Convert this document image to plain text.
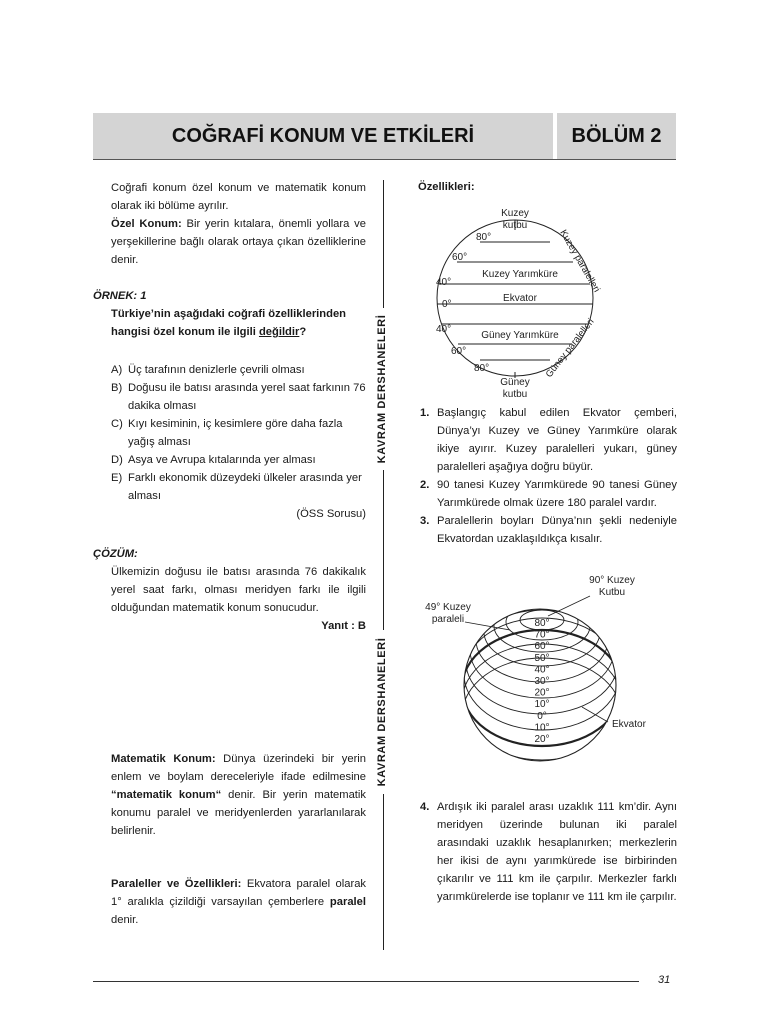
COĞRAFİ KONUM VE ETKİLERİ	BÖLÜM 2

Coğrafi konum özel konum ve matematik konum olarak iki bölüme ayrılır.

Özel Konum: Bir yerin kıtalara, önemli yollara ve yerşekillerine bağlı olarak ortaya çıkan özelliklerine denir.

ÖRNEK: 1

Türkiye’nin aşağıdaki coğrafi özelliklerinden hangisi özel konum ile ilgili değildir?

A) Üç tarafının denizlerle çevrili olması
B) Doğusu ile batısı arasında yerel saat farkının 76 dakika olması
C) Kıyı kesiminin, iç kesimlere göre daha fazla yağış alması
D) Asya ve Avrupa kıtalarında yer alması
E) Farklı ekonomik düzeydeki ülkeler arasında yer alması

(ÖSS Sorusu)

ÇÖZÜM:

Ülkemizin doğusu ile batısı arasında 76 dakikalık yerel saat farkı, olması meridyen farkı ile ilgili olduğundan matematik konum sonucudur.

Yanıt : B

Matematik Konum: Dünya üzerindeki bir yerin enlem ve boylam dereceleriyle ifade edilmesine “matematik konum“ denir. Bir yerin matematik konumu paralel ve meridyenlerden yararlanılarak belirlenir.

Paraleller ve Özellikleri: Ekvatora paralel olarak 1° aralıkla çizildiği varsayılan çemberlere paralel denir.

KAVRAM DERSHANELERİ
KAVRAM DERSHANELERİ

Özellikleri:

Kuzey
kutbu
80°
60°
40°
0°
40°
60°
80°
Kuzey Yarımküre
Ekvator
Güney Yarımküre
Güney
kutbu
Kuzey paralelleri
Güney paralelleri
1. Başlangıç kabul edilen Ekvator çemberi, Dünya’yı Kuzey ve Güney Yarımküre olarak ikiye ayırır. Kuzey paralelleri yukarı, güney paralelleri aşağıya doğru büyür.
2. 90 tanesi Kuzey Yarımkürede 90 tanesi Güney Yarımkürede olmak üzere 180 paralel vardır.
3. Paralellerin boyları Dünya’nın şekli nedeniyle Ekvatordan uzaklaşıldıkça kısalır.
90° Kuzey
Kutbu
49° Kuzey
paraleli
Ekvator
80°
70°
60°
50°
40°
30°
20°
10°
0°
10°
20°
4. Ardışık iki paralel arası uzaklık 111 km’dir. Aynı meridyen üzerinde bulunan iki paralel arasındaki uzaklık hesaplanırken; merkezlerin her ikisi de aynı yarımkürede ise birbirinden çıkarılır ve 111 km ile çarpılır. Merkezler farklı yarımkürelerde ise toplanır ve 111 km ile çarpılır.
31
